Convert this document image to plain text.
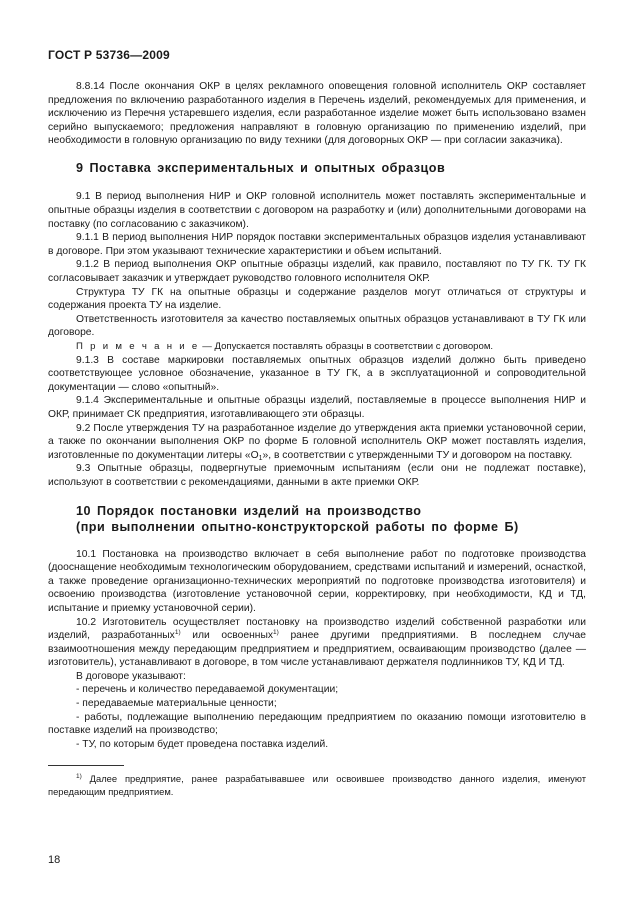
ГОСТ Р 53736—2009

8.8.14 После окончания ОКР в целях рекламного оповещения головной исполнитель ОКР составляет предложения по включению разработанного изделия в Перечень изделий, рекомендуемых для применения, и исключению из Перечня устаревшего изделия, если разработанное изделие может быть использовано взамен серийно выпускаемого; предложения направляют в головную организацию по применению изделий, при необходимости в головную организацию по виду техники (для договорных ОКР — при согласии заказчика).

9 Поставка экспериментальных и опытных образцов

9.1 В период выполнения НИР и ОКР головной исполнитель может поставлять экспериментальные и опытные образцы изделия в соответствии с договором на разработку и (или) дополнительными договорами на поставку (по согласованию с заказчиком).

9.1.1 В период выполнения НИР порядок поставки экспериментальных образцов изделия устанавливают в договоре. При этом указывают технические характеристики и объем испытаний.

9.1.2 В период выполнения ОКР опытные образцы изделий, как правило, поставляют по ТУ ГК. ТУ ГК согласовывает заказчик и утверждает руководство головного исполнителя ОКР.

Структура ТУ ГК на опытные образцы и содержание разделов могут отличаться от структуры и содержания проекта ТУ на изделие.

Ответственность изготовителя за качество поставляемых опытных образцов устанавливают в ТУ ГК или договоре.

П р и м е ч а н и е — Допускается поставлять образцы в соответствии с договором.

9.1.3 В составе маркировки поставляемых опытных образцов изделий должно быть приведено соответствующее условное обозначение, указанное в ТУ ГК, а в эксплуатационной и сопроводительной документации — слово «опытный».

9.1.4 Экспериментальные и опытные образцы изделий, поставляемые в процессе выполнения НИР и ОКР, принимает СК предприятия, изготавливающего эти образцы.

9.2 После утверждения ТУ на разработанное изделие до утверждения акта приемки установочной серии, а также по окончании выполнения ОКР по форме Б головной исполнитель ОКР может поставлять изделия, изготовленные по документации литеры «$О_1$», в соответствии с утвержденными ТУ и договором на поставку.

9.3 Опытные образцы, подвергнутые приемочным испытаниям (если они не подлежат поставке), используют в соответствии с рекомендациями, данными в акте приемки ОКР.

10 Порядок постановки изделий на производство
(при выполнении опытно-конструкторской работы по форме Б)

10.1 Постановка на производство включает в себя выполнение работ по подготовке производства (дооснащение необходимым технологическим оборудованием, средствами испытаний и измерений, оснасткой, а также проведение организационно-технических мероприятий по подготовке производства изготовителя) и освоению производства (изготовление установочной серии, корректировку, при необходимости, КД и ТД, испытание и приемку установочной серии).

10.2 Изготовитель осуществляет постановку на производство изделий собственной разработки или изделий, разработанных$^{1)}$ или освоенных$^{1)}$ ранее другими предприятиями. В последнем случае взаимоотношения между передающим предприятием и предприятием, осваивающим производство (далее — изготовитель), устанавливают в договоре, в том числе устанавливают держателя подлинников ТУ, КД И ТД.

В договоре указывают:

- перечень и количество передаваемой документации;

- передаваемые материальные ценности;

- работы, подлежащие выполнению передающим предприятием по оказанию помощи изготовителю в поставке изделий на производство;

- ТУ, по которым будет проведена поставка изделий.

$^{1)}$ Далее предприятие, ранее разрабатывавшее или освоившее производство данного изделия, именуют передающим предприятием.
18
